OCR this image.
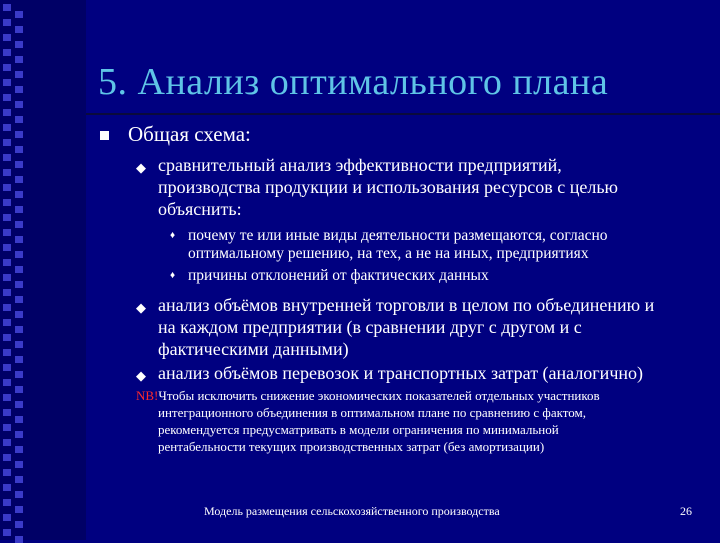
5. Анализ оптимального плана
Общая схема:
◆ сравнительный анализ эффективности предприятий,
производства продукции и использования ресурсов с целью
объяснить:
♦ почему те или иные виды деятельности размещаются, согласно
оптимальному решению, на тех, а не на иных, предприятиях
♦ причины отклонений от фактических данных
◆ анализ объёмов внутренней торговли в целом по объединению и
на каждом предприятии (в сравнении друг с другом и с
фактическими данными)
◆ анализ объёмов перевозок и транспортных затрат (аналогично)
NB!Чтобы исключить снижение экономических показателей отдельных участников
интеграционного объединения в оптимальном плане по сравнению с фактом,
рекомендуется предусматривать в модели ограничения по минимальной
рентабельности текущих производственных затрат (без амортизации)
Модель размещения сельскохозяйственного производства	26
